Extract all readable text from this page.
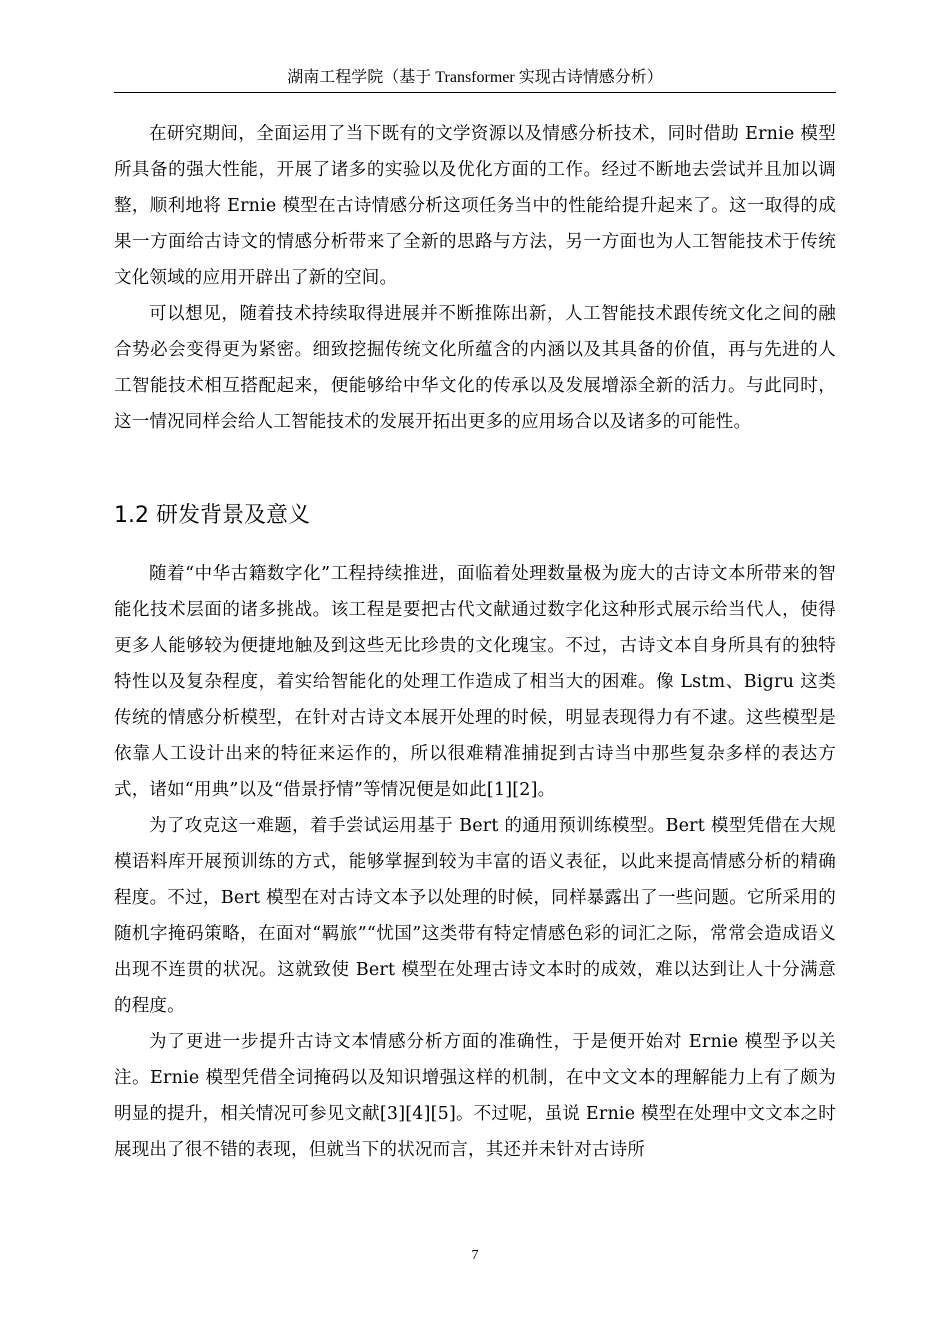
湖南工程学院（基于 Transformer 实现古诗情感分析）

在研究期间，全面运用了当下既有的文学资源以及情感分析技术，同时借助 Ernie 模型所具备的强大性能，开展了诸多的实验以及优化方面的工作。经过不断地去尝试并且加以调整，顺利地将 Ernie 模型在古诗情感分析这项任务当中的性能给提升起来了。这一取得的成果一方面给古诗文的情感分析带来了全新的思路与方法，另一方面也为人工智能技术于传统文化领域的应用开辟出了新的空间。

可以想见，随着技术持续取得进展并不断推陈出新，人工智能技术跟传统文化之间的融合势必会变得更为紧密。细致挖掘传统文化所蕴含的内涵以及其具备的价值，再与先进的人工智能技术相互搭配起来，便能够给中华文化的传承以及发展增添全新的活力。与此同时，这一情况同样会给人工智能技术的发展开拓出更多的应用场合以及诸多的可能性。

1.2 研发背景及意义

随着“中华古籍数字化”工程持续推进，面临着处理数量极为庞大的古诗文本所带来的智能化技术层面的诸多挑战。该工程是要把古代文献通过数字化这种形式展示给当代人，使得更多人能够较为便捷地触及到这些无比珍贵的文化瑰宝。不过，古诗文本自身所具有的独特特性以及复杂程度，着实给智能化的处理工作造成了相当大的困难。像 Lstm、Bigru 这类传统的情感分析模型，在针对古诗文本展开处理的时候，明显表现得力有不逮。这些模型是依靠人工设计出来的特征来运作的，所以很难精准捕捉到古诗当中那些复杂多样的表达方式，诸如“用典”以及“借景抒情”等情况便是如此[1][2]。

为了攻克这一难题，着手尝试运用基于 Bert 的通用预训练模型。Bert 模型凭借在大规模语料库开展预训练的方式，能够掌握到较为丰富的语义表征，以此来提高情感分析的精确程度。不过，Bert 模型在对古诗文本予以处理的时候，同样暴露出了一些问题。它所采用的随机字掩码策略，在面对“羁旅”“忧国”这类带有特定情感色彩的词汇之际，常常会造成语义出现不连贯的状况。这就致使 Bert 模型在处理古诗文本时的成效，难以达到让人十分满意的程度。

为了更进一步提升古诗文本情感分析方面的准确性，于是便开始对 Ernie 模型予以关注。Ernie 模型凭借全词掩码以及知识增强这样的机制，在中文文本的理解能力上有了颇为明显的提升，相关情况可参见文献[3][4][5]。不过呢，虽说 Ernie 模型在处理中文文本之时展现出了很不错的表现，但就当下的状况而言，其还并未针对古诗所

7
